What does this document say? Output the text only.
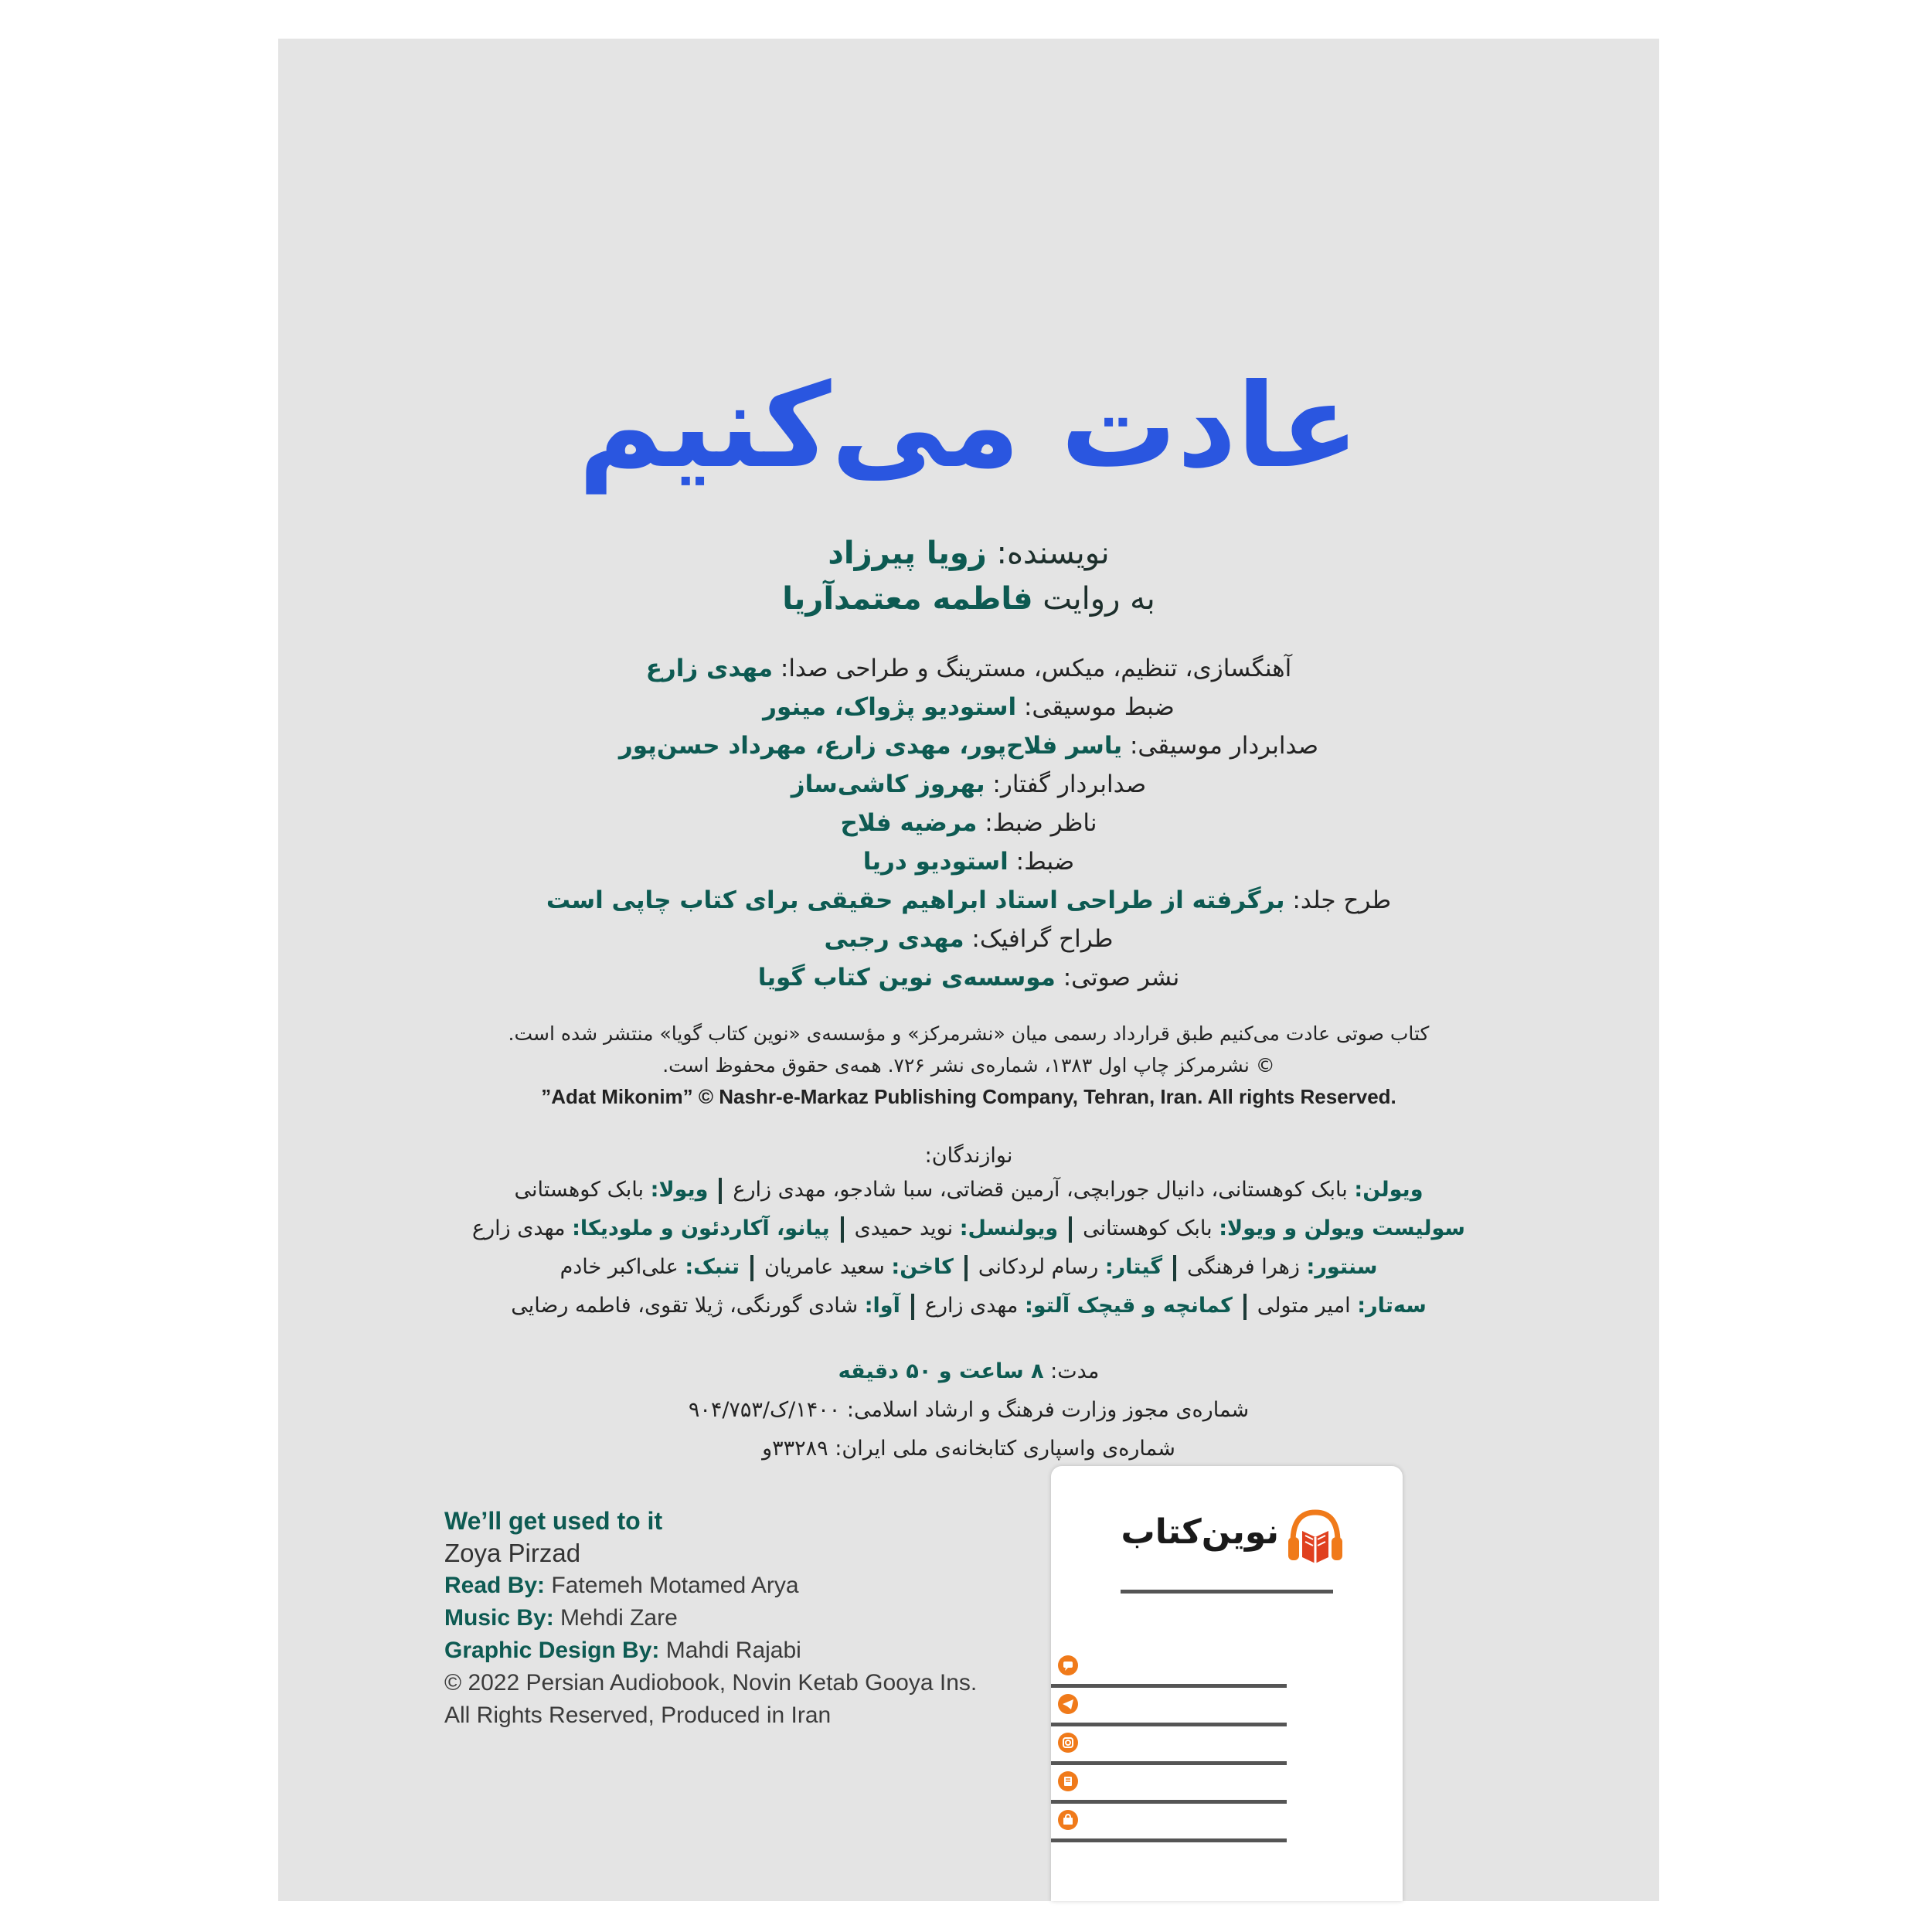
عادت می‌کنیم
نویسنده: زویا پیرزاد
به روایت فاطمه معتمدآریا
آهنگسازی، تنظیم، میکس، مسترینگ و طراحی صدا: مهدی زارع
ضبط موسیقی: استودیو پژواک، مینور
صدابردار موسیقی: یاسر فلاح‌پور، مهدی زارع، مهرداد حسن‌پور
صدابردار گفتار: بهروز کاشی‌ساز
ناظر ضبط: مرضیه فلاح
ضبط: استودیو دریا
طرح جلد: برگرفته از طراحی استاد ابراهیم حقیقی برای کتاب چاپی است
طراح گرافیک: مهدی رجبی
نشر صوتی: موسسه‌ی نوین کتاب گویا
کتاب صوتی عادت می‌کنیم طبق قرارداد رسمی میان «نشرمرکز» و مؤسسه‌ی «نوین کتاب گویا» منتشر شده است.
© نشرمرکز چاپ اول ۱۳۸۳، شماره‌ی نشر ۷۲۶. همه‌ی حقوق محفوظ است.
”Adat Mikonim” © Nashr-e-Markaz Publishing Company, Tehran, Iran. All rights Reserved.
نوازندگان:
ویولن: بابک کوهستانی، دانیال جورابچی، آرمین قضاتی، سبا شادجو، مهدی زارعویولا: بابک کوهستانی
سولیست ویولن و ویولا: بابک کوهستانیویولنسل: نوید حمیدیپیانو، آکاردئون و ملودیکا: مهدی زارع
سنتور: زهرا فرهنگیگیتار: رسام لردکانیکاخن: سعید عامریانتنبک: علی‌اکبر خادم
سه‌تار: امیر متولیکمانچه و قیچک آلتو: مهدی زارعآوا: شادی گورنگی، ژیلا تقوی، فاطمه رضایی
مدت: ۸ ساعت و ۵۰ دقیقه
شماره‌ی مجوز وزارت فرهنگ و ارشاد اسلامی: ۱۴۰۰/ک/۹۰۴/۷۵۳
شماره‌ی واسپاری کتابخانه‌ی ملی ایران: ۳۳۲۸۹و
We’ll get used to it
Zoya Pirzad
Read By: Fatemeh Motamed Arya
Music By: Mehdi Zare
Graphic Design By: Mahdi Rajabi
© 2022 Persian Audiobook, Novin Ketab Gooya Ins.
All Rights Reserved, Produced in Iran
نوین‌کتاب
